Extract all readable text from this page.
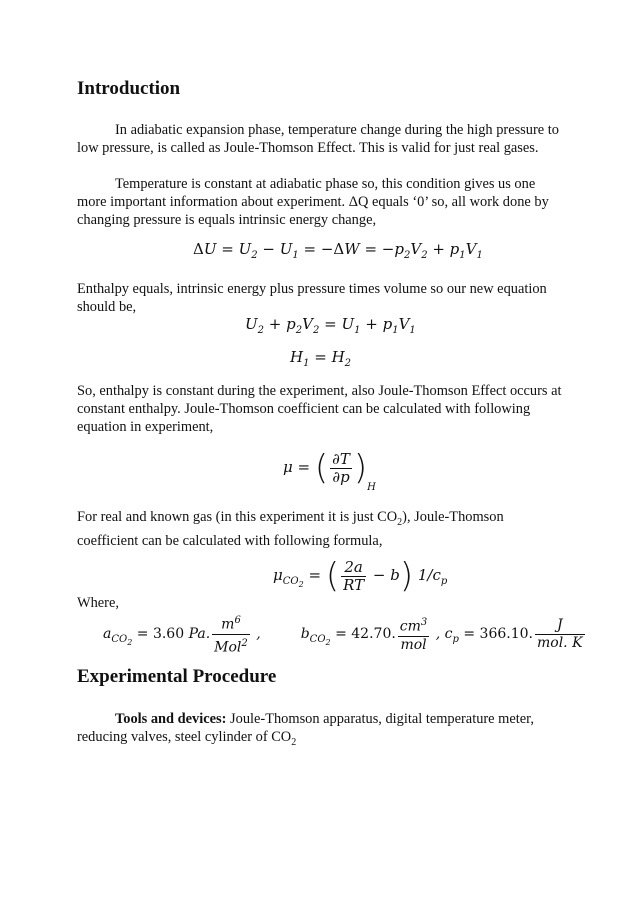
Introduction
In adiabatic expansion phase, temperature change during the high pressure to low pressure, is called as Joule-Thomson Effect. This is valid for just real gases.
Temperature is constant at adiabatic phase so, this condition gives us one more important information about experiment. ΔQ equals ‘0’ so, all work done by changing pressure is equals intrinsic energy change,
$\Delta U = U_2 - U_1 = -\Delta W = -p_2V_2 + p_1V_1$
Enthalpy equals, intrinsic energy plus pressure times volume so our new equation should be,
$U_2 + p_2V_2 = U_1 + p_1V_1$
$H_1 = H_2$
So, enthalpy is constant during the experiment, also Joule-Thomson Effect occurs at constant enthalpy. Joule-Thomson coefficient can be calculated with following equation in experiment,
μ = ( $\frac{\partial T}{\partial p} )_H$
For real and known gas (in this experiment it is just $CO_2$), Joule-Thomson coefficient can be calculated with following formula,
$\mu_{CO_2}$ = ( $\frac{2a}{RT} - b$) $1/c_p$
Where,
$a_{CO_2} = 3.60$ Pa. $\frac{m^6}{Mol^2}$ ,	$b_{CO_2} = 42.70$. $\frac{cm^3}{\text{mol}}$ , $c_p = 366.10$. $\frac{J}{\text{mol. K}}$
Experimental Procedure
Tools and devices: Joule-Thomson apparatus, digital temperature meter, reducing valves, steel cylinder of $CO_2$
